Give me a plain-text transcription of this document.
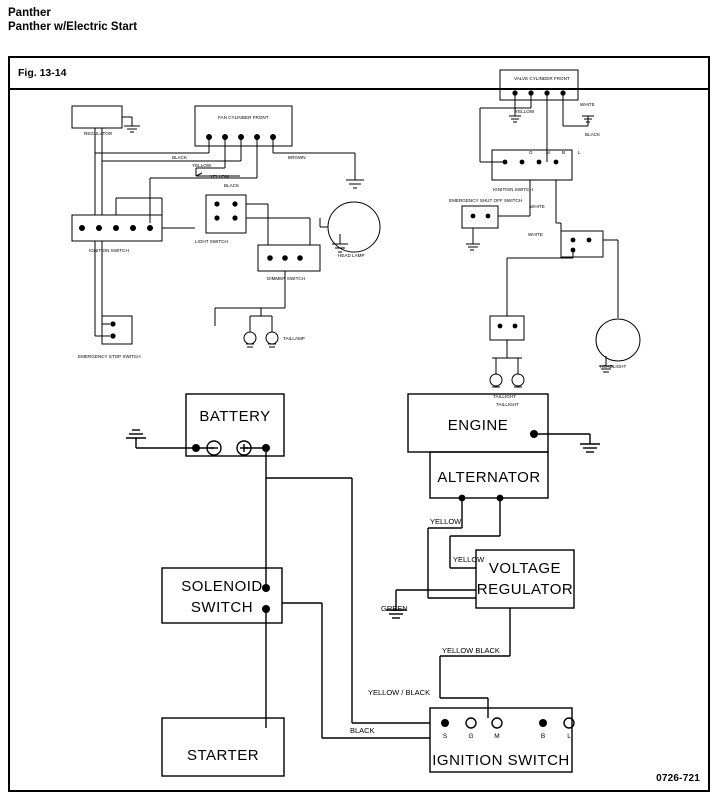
Panther
Panther w/Electric Start
Fig. 13-14
0726-721
REGULATOR
FAN CYLINDER FRONT
BLACK
YELLOW
BROWN
YELLOW
BLACK
IGNITION SWITCH
LIGHT SWITCH
DIMMER SWITCH
HEAD LAMP
TAILLAMP
EMERGENCY STOP SWITCH
VALVE CYLINDER FRONT
YELLOW
WHITE
BLACK
IGNITION SWITCH
G	M	B	L
EMERGENCY SHUT OFF SWITCH
WHITE
WHITE
HEADLIGHT
TAILLIGHT
TAILLIGHT
BATTERY
ENGINE
ALTERNATOR
SOLENOID
SWITCH
VOLTAGE
REGULATOR
STARTER	IGNITION SWITCH
S	G	M	B	L
YELLOW
YELLOW
GREEN
YELLOW BLACK
YELLOW / BLACK
BLACK
